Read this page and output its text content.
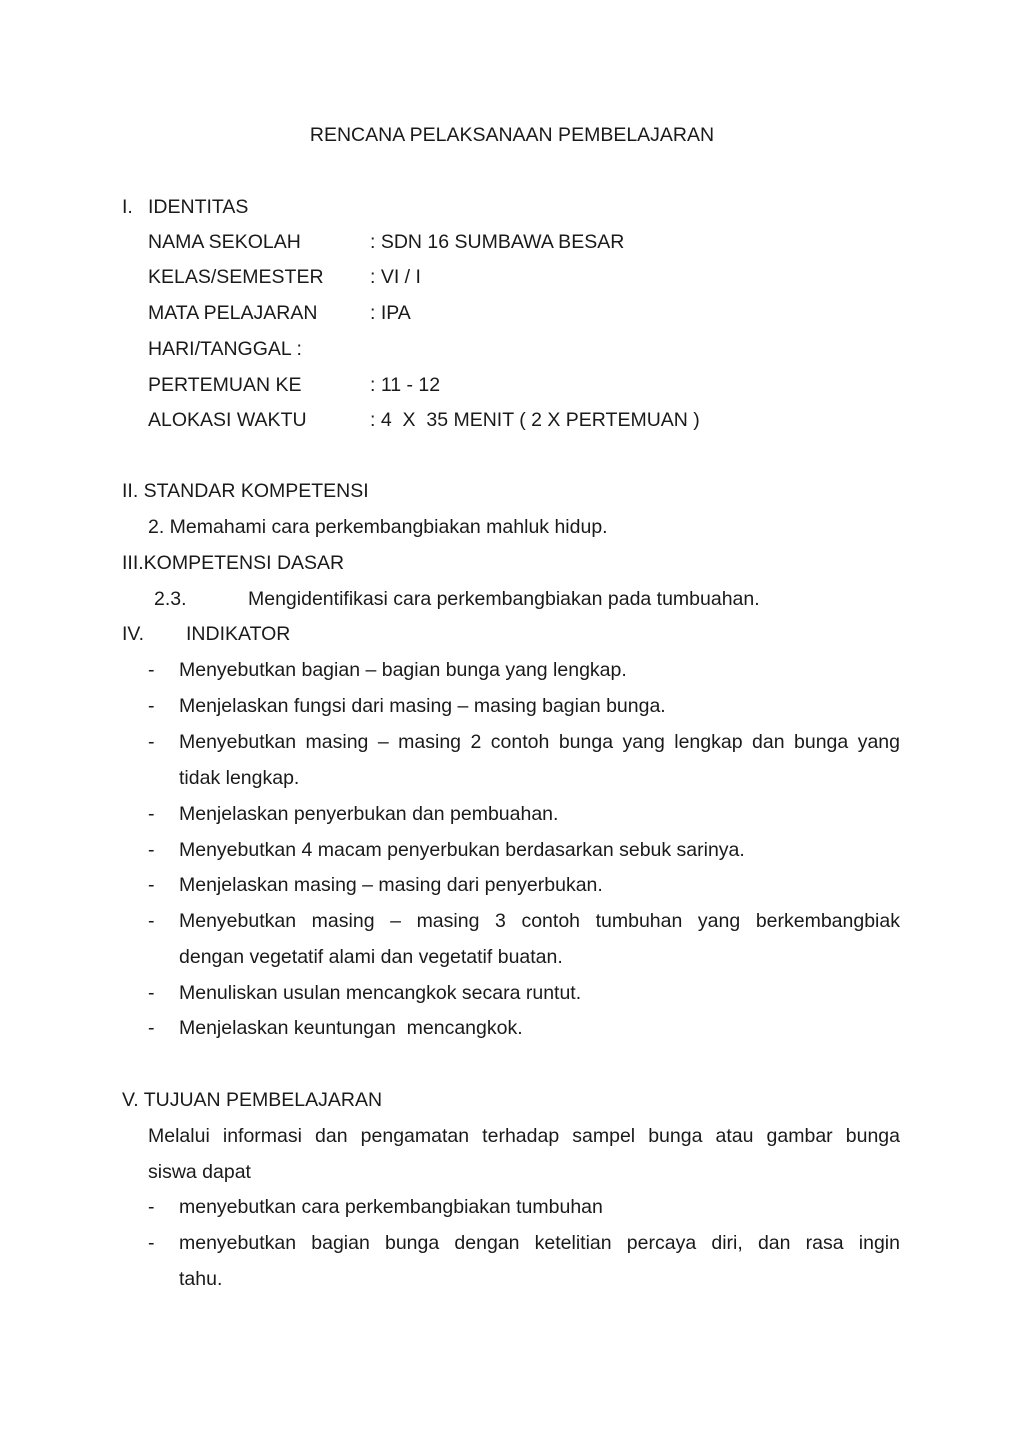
RENCANA PELAKSANAAN PEMBELAJARAN
I. IDENTITAS
NAMA SEKOLAH	: SDN 16 SUMBAWA BESAR
KELAS/SEMESTER : VI / I
MATA PELAJARAN	: IPA
HARI/TANGGAL :
PERTEMUAN KE	: 11 - 12
ALOKASI WAKTU	: 4  X  35 MENIT ( 2 X PERTEMUAN )
II. STANDAR KOMPETENSI
2. Memahami cara perkembangbiakan mahluk hidup.
III.KOMPETENSI DASAR
2.3.	Mengidentifikasi cara perkembangbiakan pada tumbuahan.
IV. INDIKATOR
- Menyebutkan bagian – bagian bunga yang lengkap.
- Menjelaskan fungsi dari masing – masing bagian bunga.
- Menyebutkan masing – masing 2 contoh bunga yang lengkap dan bunga yang
tidak lengkap.
- Menjelaskan penyerbukan dan pembuahan.
- Menyebutkan 4 macam penyerbukan berdasarkan sebuk sarinya.
- Menjelaskan masing – masing dari penyerbukan.
- Menyebutkan masing – masing 3 contoh tumbuhan yang berkembangbiak
dengan vegetatif alami dan vegetatif buatan.
- Menuliskan usulan mencangkok secara runtut.
- Menjelaskan keuntungan  mencangkok.
V. TUJUAN PEMBELAJARAN
Melalui informasi dan pengamatan terhadap sampel bunga atau gambar bunga
siswa dapat
- menyebutkan cara perkembangbiakan tumbuhan
- menyebutkan bagian bunga dengan ketelitian percaya diri, dan rasa ingin
tahu.
